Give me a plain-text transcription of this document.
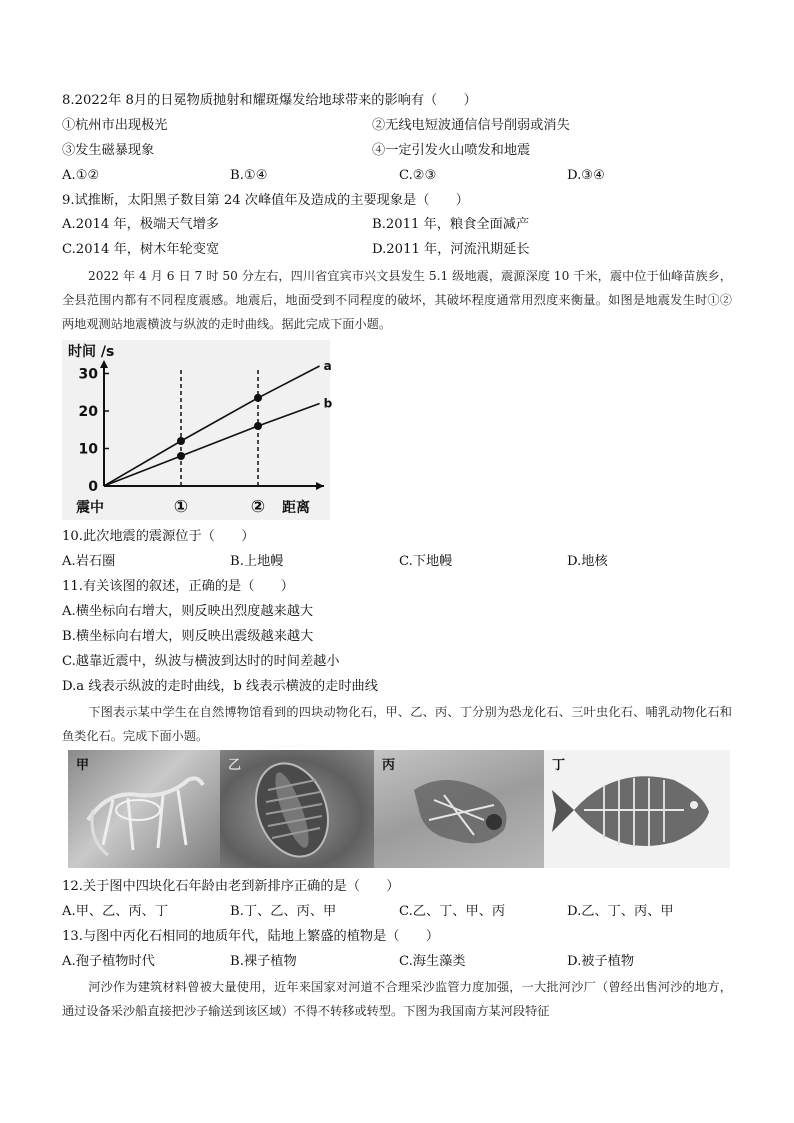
8.2022年 8月的日冕物质抛射和耀斑爆发给地球带来的影响有（　　）
①杭州市出现极光	②无线电短波通信信号削弱或消失
③发生磁暴现象	④一定引发火山喷发和地震
A.①②	B.①④	C.②③	D.③④
9.试推断，太阳黑子数目第 24 次峰值年及造成的主要现象是（　　）
A.2014 年，极端天气增多	B.2011 年，粮食全面减产
C.2014 年，树木年轮变宽	D.2011 年，河流汛期延长
2022 年 4 月 6 日 7 时 50 分左右，四川省宜宾市兴文县发生 5.1 级地震，震源深度 10 千米，震中位于仙峰苗族乡，全县范围内都有不同程度震感。地震后，地面受到不同程度的破坏，其破坏程度通常用烈度来衡量。如图是地震发生时①②两地观测站地震横波与纵波的走时曲线。据此完成下面小题。
时间 /s
震中	距离
0
10
20
30
①	②
a
b
10.此次地震的震源位于（　　）
A.岩石圈	B.上地幔	C.下地幔	D.地核
11.有关该图的叙述，正确的是（　　）
A.横坐标向右增大，则反映出烈度越来越大
B.横坐标向右增大，则反映出震级越来越大
C.越靠近震中，纵波与横波到达时的时间差越小
D.a 线表示纵波的走时曲线，b 线表示横波的走时曲线
下图表示某中学生在自然博物馆看到的四块动物化石，甲、乙、丙、丁分别为恐龙化石、三叶虫化石、哺乳动物化石和鱼类化石。完成下面小题。
甲	乙	丙	丁
12.关于图中四块化石年龄由老到新排序正确的是（　　）
A.甲、乙、丙、丁	B.丁、乙、丙、甲	C.乙、丁、甲、丙	D.乙、丁、丙、甲
13.与图中丙化石相同的地质年代，陆地上繁盛的植物是（　　）
A.孢子植物时代	B.裸子植物	C.海生藻类	D.被子植物
河沙作为建筑材料曾被大量使用，近年来国家对河道不合理采沙监管力度加强，一大批河沙厂（曾经出售河沙的地方，通过设备采沙船直接把沙子输送到该区域）不得不转移或转型。下图为我国南方某河段特征
